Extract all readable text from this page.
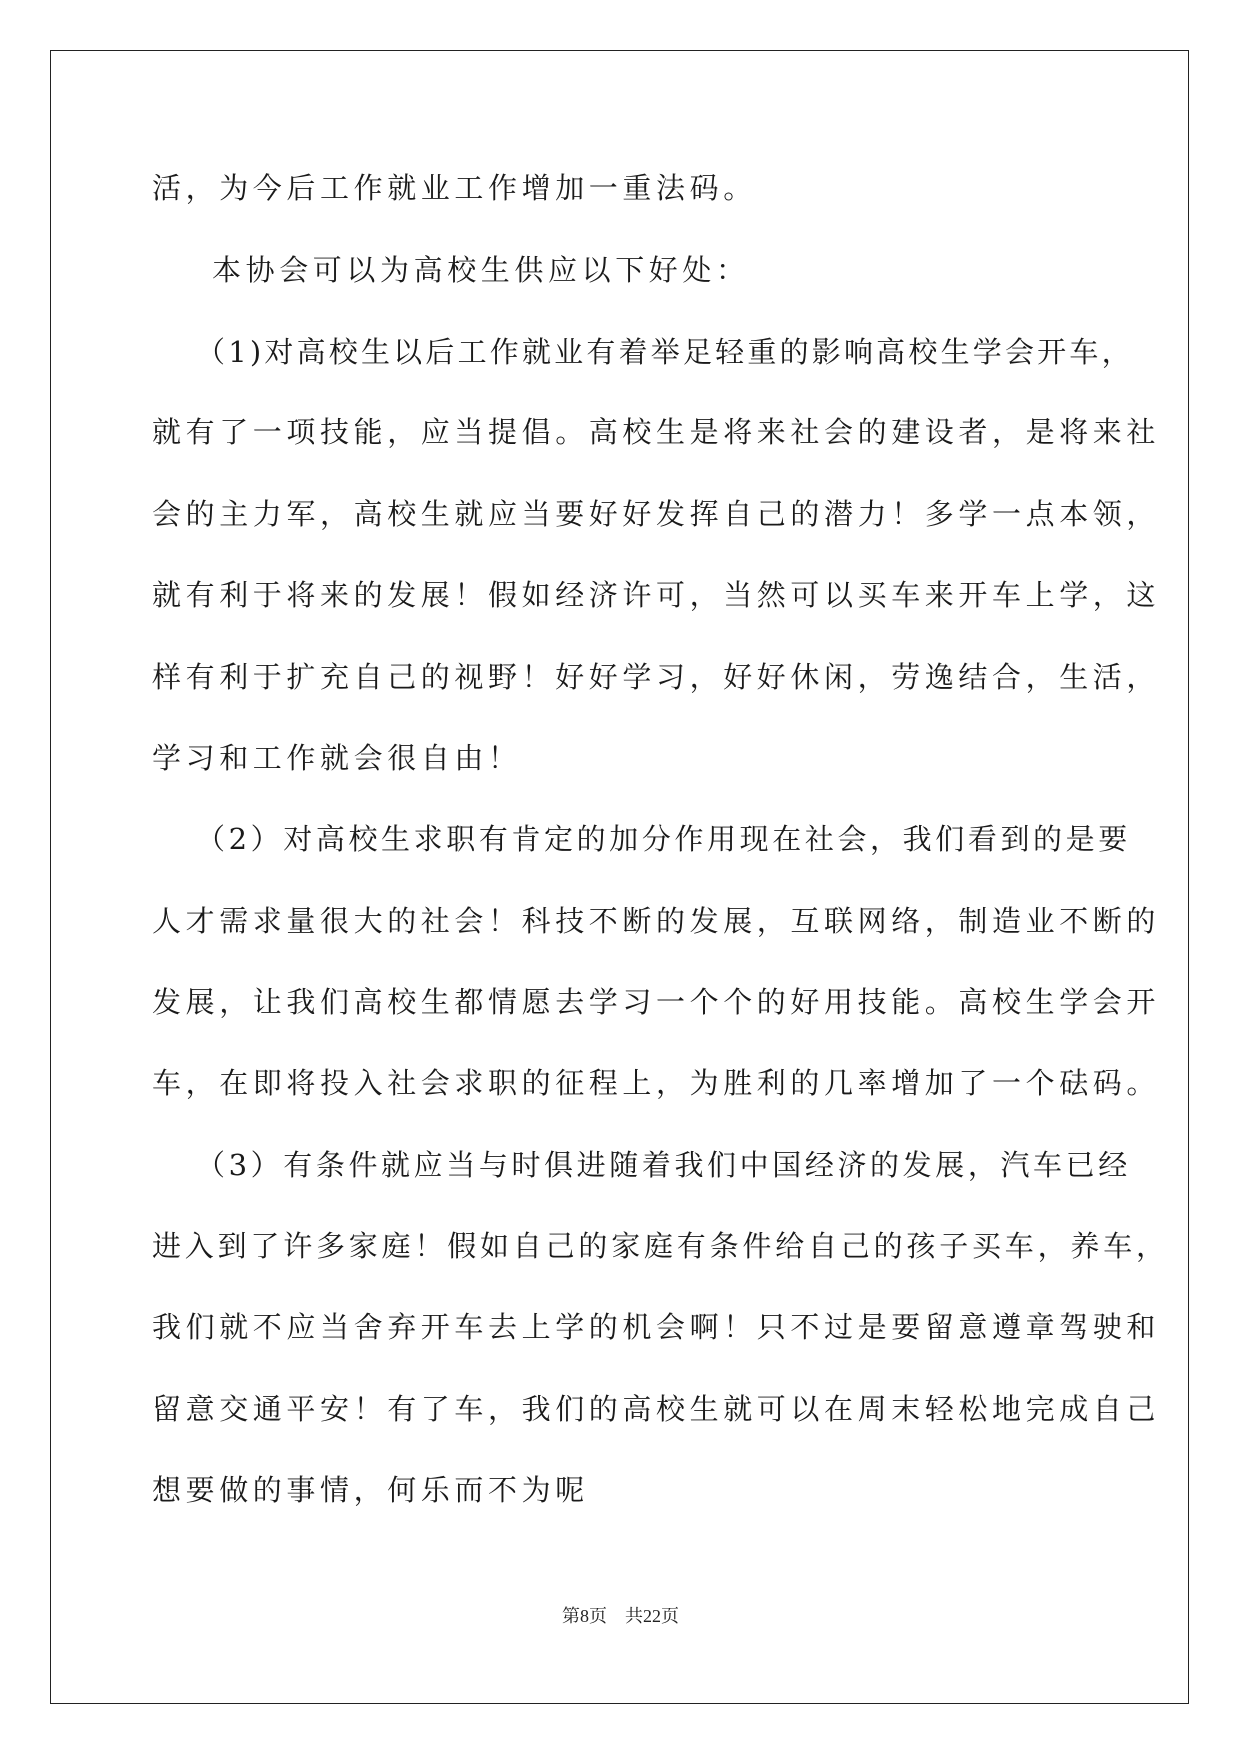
活，为今后工作就业工作增加一重法码。
本协会可以为高校生供应以下好处：
（1)对高校生以后工作就业有着举足轻重的影响高校生学会开车，
就有了一项技能，应当提倡。高校生是将来社会的建设者，是将来社
会的主力军，高校生就应当要好好发挥自己的潜力！多学一点本领，
就有利于将来的发展！假如经济许可，当然可以买车来开车上学，这
样有利于扩充自己的视野！好好学习，好好休闲，劳逸结合，生活，
学习和工作就会很自由！
（2）对高校生求职有肯定的加分作用现在社会，我们看到的是要
人才需求量很大的社会！科技不断的发展，互联网络，制造业不断的
发展，让我们高校生都情愿去学习一个个的好用技能。高校生学会开
车，在即将投入社会求职的征程上，为胜利的几率增加了一个砝码。
（3）有条件就应当与时俱进随着我们中国经济的发展，汽车已经
进入到了许多家庭！假如自己的家庭有条件给自己的孩子买车，养车，
我们就不应当舍弃开车去上学的机会啊！只不过是要留意遵章驾驶和
留意交通平安！有了车，我们的高校生就可以在周末轻松地完成自己
想要做的事情，何乐而不为呢
第8页 共22页
